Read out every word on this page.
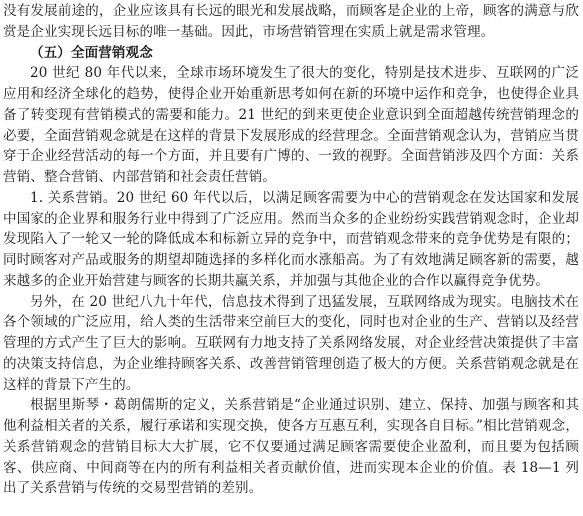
没有发展前途的，企业应该具有长远的眼光和发展战略，而顾客是企业的上帝，顾客的满意与欣赏是企业实现长远目标的唯一基础。因此，市场营销管理在实质上就是需求管理。

（五）全面营销观念

20 世纪 80 年代以来，全球市场环境发生了很大的变化，特别是技术进步、互联网的广泛应用和经济全球化的趋势，使得企业开始重新思考如何在新的环境中运作和竞争，也使得企业具备了转变现有营销模式的需要和能力。21 世纪的到来更使企业意识到全面超越传统营销理念的必要，全面营销观念就是在这样的背景下发展形成的经营理念。全面营销观念认为，营销应当贯穿于企业经营活动的每一个方面，并且要有广博的、一致的视野。全面营销涉及四个方面：关系营销、整合营销、内部营销和社会责任营销。

1. 关系营销。20 世纪 60 年代以后，以满足顾客需要为中心的营销观念在发达国家和发展中国家的企业界和服务行业中得到了广泛应用。然而当众多的企业纷纷实践营销观念时，企业却发现陷入了一轮又一轮的降低成本和标新立异的竞争中，而营销观念带来的竞争优势是有限的；同时顾客对产品或服务的期望却随选择的多样化而水涨船高。为了有效地满足顾客新的需要，越来越多的企业开始营建与顾客的长期共赢关系，并加强与其他企业的合作以赢得竞争优势。

另外，在 20 世纪八九十年代，信息技术得到了迅猛发展，互联网络成为现实。电脑技术在各个领域的广泛应用，给人类的生活带来空前巨大的变化，同时也对企业的生产、营销以及经营管理的方式产生了巨大的影响。互联网有力地支持了关系网络发展，对企业经营决策提供了丰富的决策支持信息，为企业维持顾客关系、改善营销管理创造了极大的方便。关系营销观念就是在这样的背景下产生的。

根据里斯琴・葛朗儒斯的定义，关系营销是“企业通过识别、建立、保持、加强与顾客和其他利益相关者的关系，履行承诺和实现交换，使各方互惠互利，实现各自目标。”相比营销观念，关系营销观念的营销目标大大扩展，它不仅要通过满足顾客需要使企业盈利，而且要为包括顾客、供应商、中间商等在内的所有利益相关者贡献价值，进而实现本企业的价值。表 18—1 列出了关系营销与传统的交易型营销的差别。
